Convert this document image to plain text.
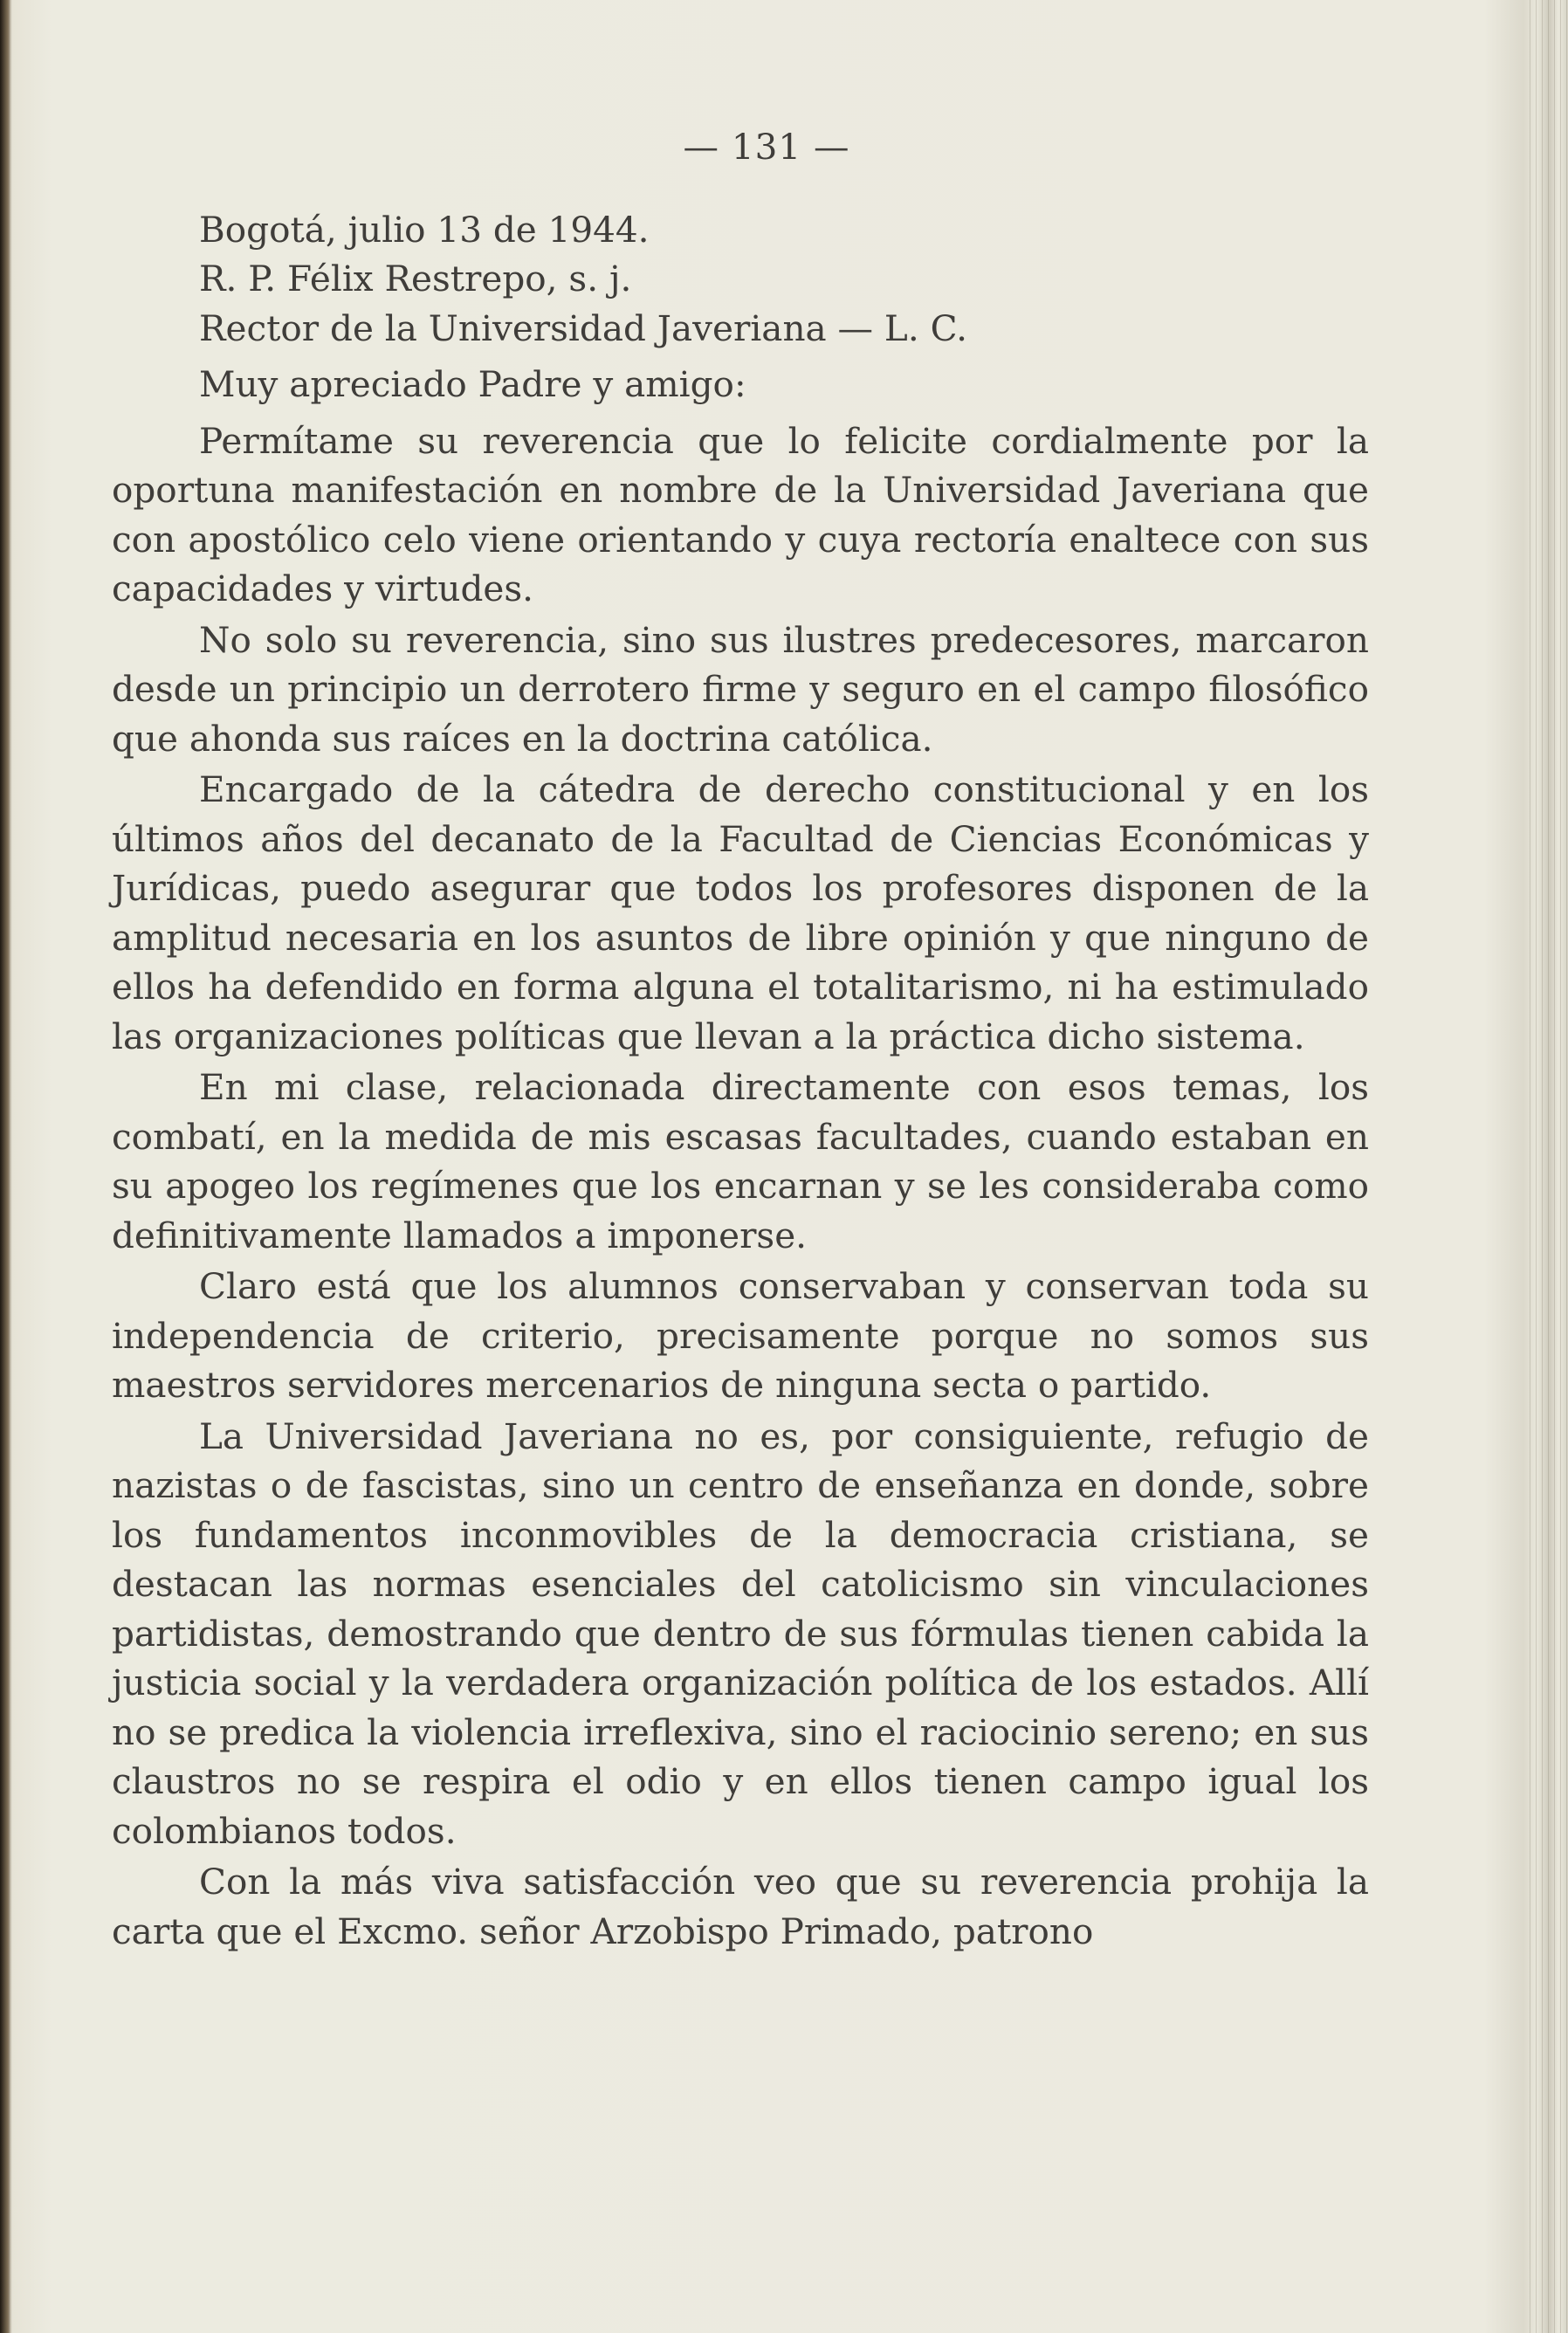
— 131 —

Bogotá, julio 13 de 1944.

R. P. Félix Restrepo, s. j.

Rector de la Universidad Javeriana — L. C.

Muy apreciado Padre y amigo:

Permítame su reverencia que lo felicite cordialmente por la oportuna manifestación en nombre de la Universidad Javeriana que con apostólico celo viene orientando y cuya rectoría enaltece con sus capacidades y virtudes.

No solo su reverencia, sino sus ilustres predecesores, marcaron desde un principio un derrotero firme y seguro en el campo filosófico que ahonda sus raíces en la doctrina católica.

Encargado de la cátedra de derecho constitucional y en los últimos años del decanato de la Facultad de Ciencias Económicas y Jurídicas, puedo asegurar que todos los profesores disponen de la amplitud necesaria en los asuntos de libre opinión y que ninguno de ellos ha defendido en forma alguna el totalitarismo, ni ha estimulado las organizaciones políticas que llevan a la práctica dicho sistema.

En mi clase, relacionada directamente con esos temas, los combatí, en la medida de mis escasas facultades, cuando estaban en su apogeo los regímenes que los encarnan y se les consideraba como definitivamente llamados a imponerse.

Claro está que los alumnos conservaban y conservan toda su independencia de criterio, precisamente porque no somos sus maestros servidores mercenarios de ninguna secta o partido.

La Universidad Javeriana no es, por consiguiente, refugio de nazistas o de fascistas, sino un centro de enseñanza en donde, sobre los fundamentos inconmovibles de la democracia cristiana, se destacan las normas esenciales del catolicismo sin vinculaciones partidistas, demostrando que dentro de sus fórmulas tienen cabida la justicia social y la verdadera organización política de los estados. Allí no se predica la violencia irreflexiva, sino el raciocinio sereno; en sus claustros no se respira el odio y en ellos tienen campo igual los colombianos todos.

Con la más viva satisfacción veo que su reverencia prohija la carta que el Excmo. señor Arzobispo Primado, patrono
